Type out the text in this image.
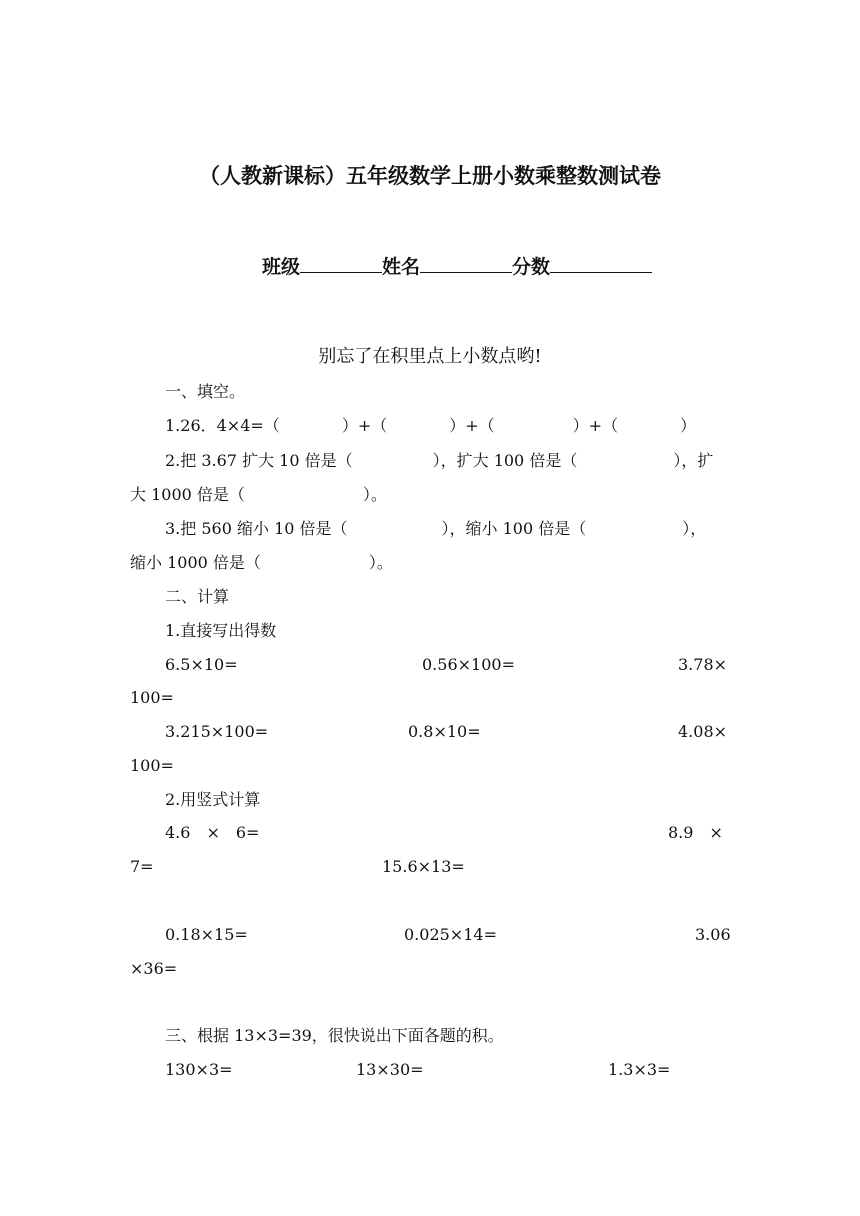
（人教新课标）五年级数学上册小数乘整数测试卷
班级	姓名	分数
别忘了在积里点上小数点哟!
一、填空。
1.26．4×4=（	）+（	）+（	）+（	）
2.把 3.67 扩大 10 倍是（	），扩大 100 倍是（	），扩
大 1000 倍是（	）。
3.把 560 缩小 10 倍是（	），缩小 100 倍是（	），
缩小 1000 倍是（	）。
二、计算
1.直接写出得数
6.5×10=	0.56×100=	3.78×
100=
3.215×100=	0.8×10=	4.08×
100=
2.用竖式计算
4.6　×　6=	8.9　×
7=	15.6×13=
0.18×15=	0.025×14=	3.06
×36=
三、根据 13×3=39，很快说出下面各题的积。
130×3=	13×30=	1.3×3=
